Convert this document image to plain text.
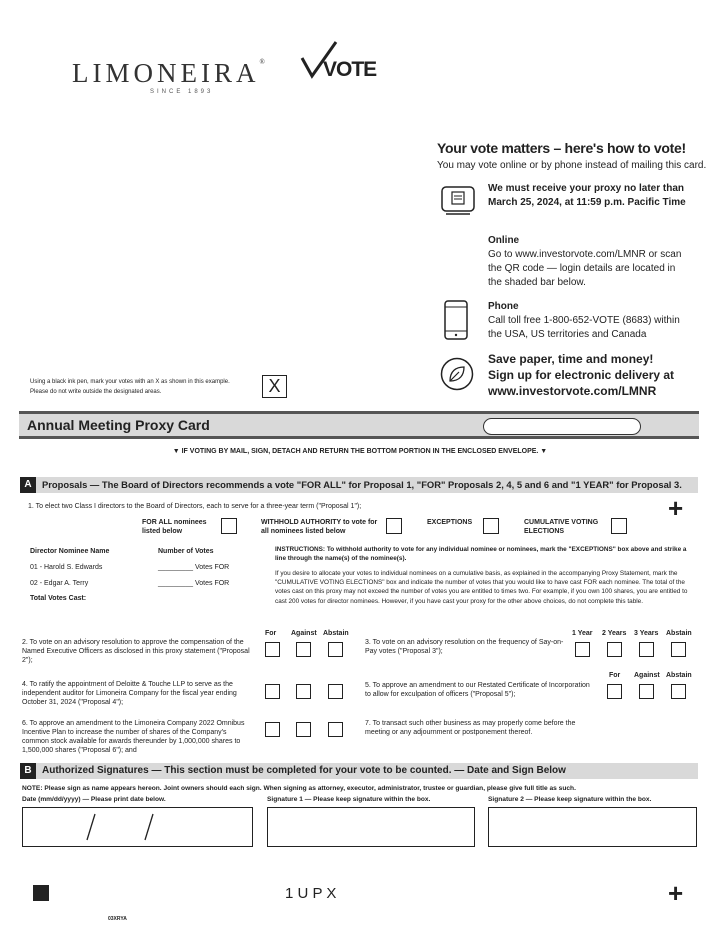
LIMONEIRA®
SINCE 1893
VOTE
Your vote matters – here's how to vote!
You may vote online or by phone instead of mailing this card.
We must receive your proxy no later than
March 25, 2024, at 11:59 p.m. Pacific Time
Online
Go to www.investorvote.com/LMNR or scan
the QR code — login details are located in
the shaded bar below.
Phone
Call toll free 1-800-652-VOTE (8683) within
the USA, US territories and Canada
Save paper, time and money!
Sign up for electronic delivery at
www.investorvote.com/LMNR
Using a black ink pen, mark your votes with an X as shown in this example.
Please do not write outside the designated areas.	X
Annual Meeting Proxy Card
▼ IF VOTING BY MAIL, SIGN, DETACH AND RETURN THE BOTTOM PORTION IN THE ENCLOSED ENVELOPE. ▼
A	Proposals — The Board of Directors recommends a vote "FOR ALL" for Proposal 1, "FOR" Proposals 2, 4, 5 and 6 and "1 YEAR" for Proposal 3.
1. To elect two Class I directors to the Board of Directors, each to serve for a three-year term ("Proposal 1");	+
FOR ALL nominees
listed below
WITHHOLD AUTHORITY to vote for
all nominees listed below
EXCEPTIONS	CUMULATIVE VOTING
ELECTIONS
Director Nominee Name	Number of Votes
01 - Harold S. Edwards	_________ Votes FOR
02 - Edgar A. Terry	_________ Votes FOR
Total Votes Cast:
INSTRUCTIONS: To withhold authority to vote for any individual nominee or nominees, mark the "EXCEPTIONS" box above and strike a line through the name(s) of the nominee(s).
If you desire to allocate your votes to individual nominees on a cumulative basis, as explained in the accompanying Proxy Statement, mark the "CUMULATIVE VOTING ELECTIONS" box and indicate the number of votes that you would like to have cast FOR each nominee. The total of the votes cast on this proxy may not exceed the number of votes you are entitled to times two. For example, if you own 100 shares, you are entitled to cast 200 votes for director nominees. However, if you have cast your proxy for the other above choices, do not complete this table.
For Against Abstain	1 Year 2 Years 3 Years Abstain
2. To vote on an advisory resolution to approve the compensation of the Named Executive Officers as disclosed in this proxy statement ("Proposal 2");
3. To vote on an advisory resolution on the frequency of Say-on-Pay votes ("Proposal 3");
For Against Abstain
4. To ratify the appointment of Deloitte & Touche LLP to serve as the independent auditor for Limoneira Company for the fiscal year ending October 31, 2024 ("Proposal 4");
5. To approve an amendment to our Restated Certificate of Incorporation to allow for exculpation of officers ("Proposal 5");
6. To approve an amendment to the Limoneira Company 2022 Omnibus Incentive Plan to increase the number of shares of the Company's common stock available for awards thereunder by 1,000,000 shares to 1,500,000 shares ("Proposal 6"); and
7. To transact such other business as may properly come before the meeting or any adjournment or postponement thereof.
B	Authorized Signatures — This section must be completed for your vote to be counted. — Date and Sign Below
NOTE: Please sign as name appears hereon. Joint owners should each sign. When signing as attorney, executor, administrator, trustee or guardian, please give full title as such.
Date (mm/dd/yyyy) — Please print date below.	Signature 1 — Please keep signature within the box.	Signature 2 — Please keep signature within the box.
1 U P X	+
03XRYA
